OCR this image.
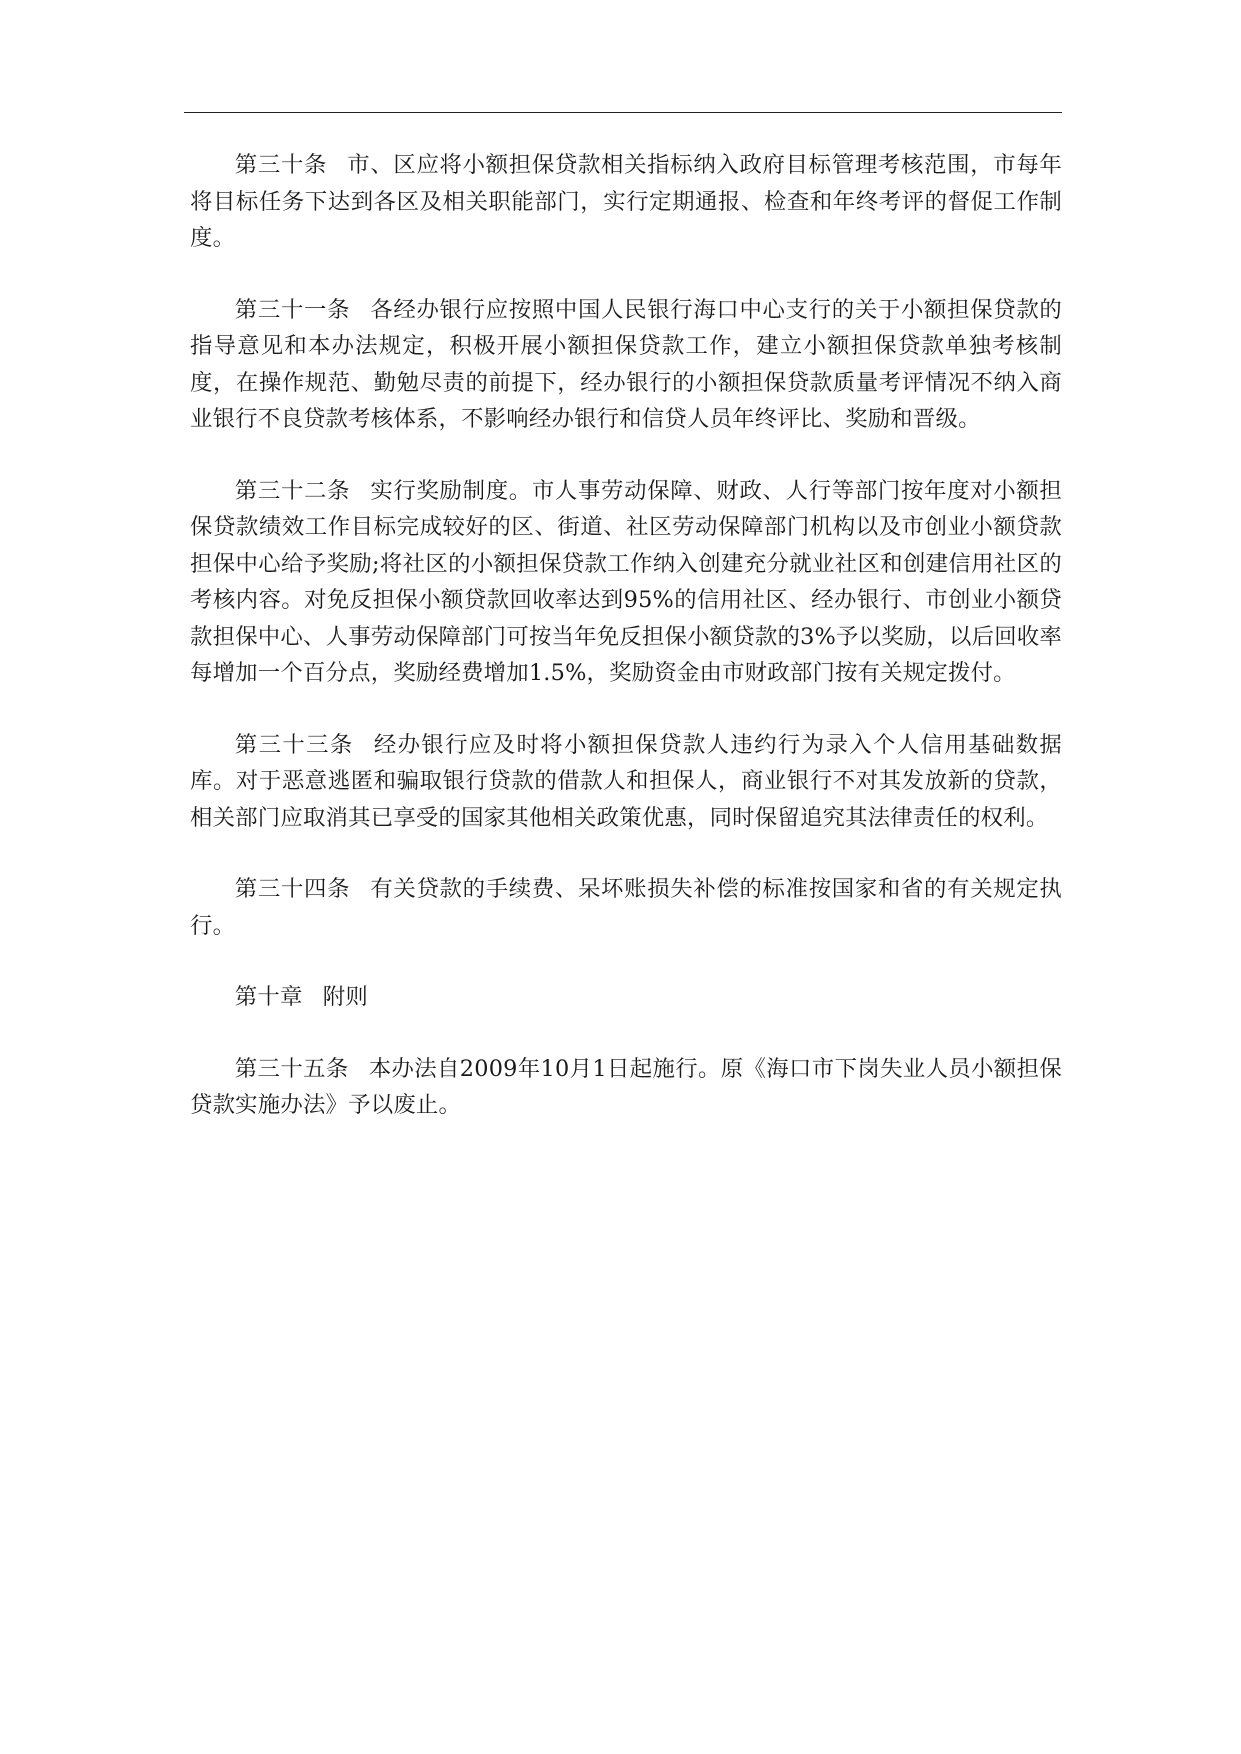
第三十条 市、区应将小额担保贷款相关指标纳入政府目标管理考核范围，市每年将目标任务下达到各区及相关职能部门，实行定期通报、检查和年终考评的督促工作制度。

第三十一条 各经办银行应按照中国人民银行海口中心支行的关于小额担保贷款的指导意见和本办法规定，积极开展小额担保贷款工作，建立小额担保贷款单独考核制度，在操作规范、勤勉尽责的前提下，经办银行的小额担保贷款质量考评情况不纳入商业银行不良贷款考核体系，不影响经办银行和信贷人员年终评比、奖励和晋级。

第三十二条 实行奖励制度。市人事劳动保障、财政、人行等部门按年度对小额担保贷款绩效工作目标完成较好的区、街道、社区劳动保障部门机构以及市创业小额贷款担保中心给予奖励;将社区的小额担保贷款工作纳入创建充分就业社区和创建信用社区的考核内容。对免反担保小额贷款回收率达到95%的信用社区、经办银行、市创业小额贷款担保中心、人事劳动保障部门可按当年免反担保小额贷款的3%予以奖励，以后回收率每增加一个百分点，奖励经费增加1.5%，奖励资金由市财政部门按有关规定拨付。

第三十三条 经办银行应及时将小额担保贷款人违约行为录入个人信用基础数据库。对于恶意逃匿和骗取银行贷款的借款人和担保人，商业银行不对其发放新的贷款，相关部门应取消其已享受的国家其他相关政策优惠，同时保留追究其法律责任的权利。

第三十四条 有关贷款的手续费、呆坏账损失补偿的标准按国家和省的有关规定执行。

第十章 附则

第三十五条 本办法自2009年10月1日起施行。原《海口市下岗失业人员小额担保贷款实施办法》予以废止。
